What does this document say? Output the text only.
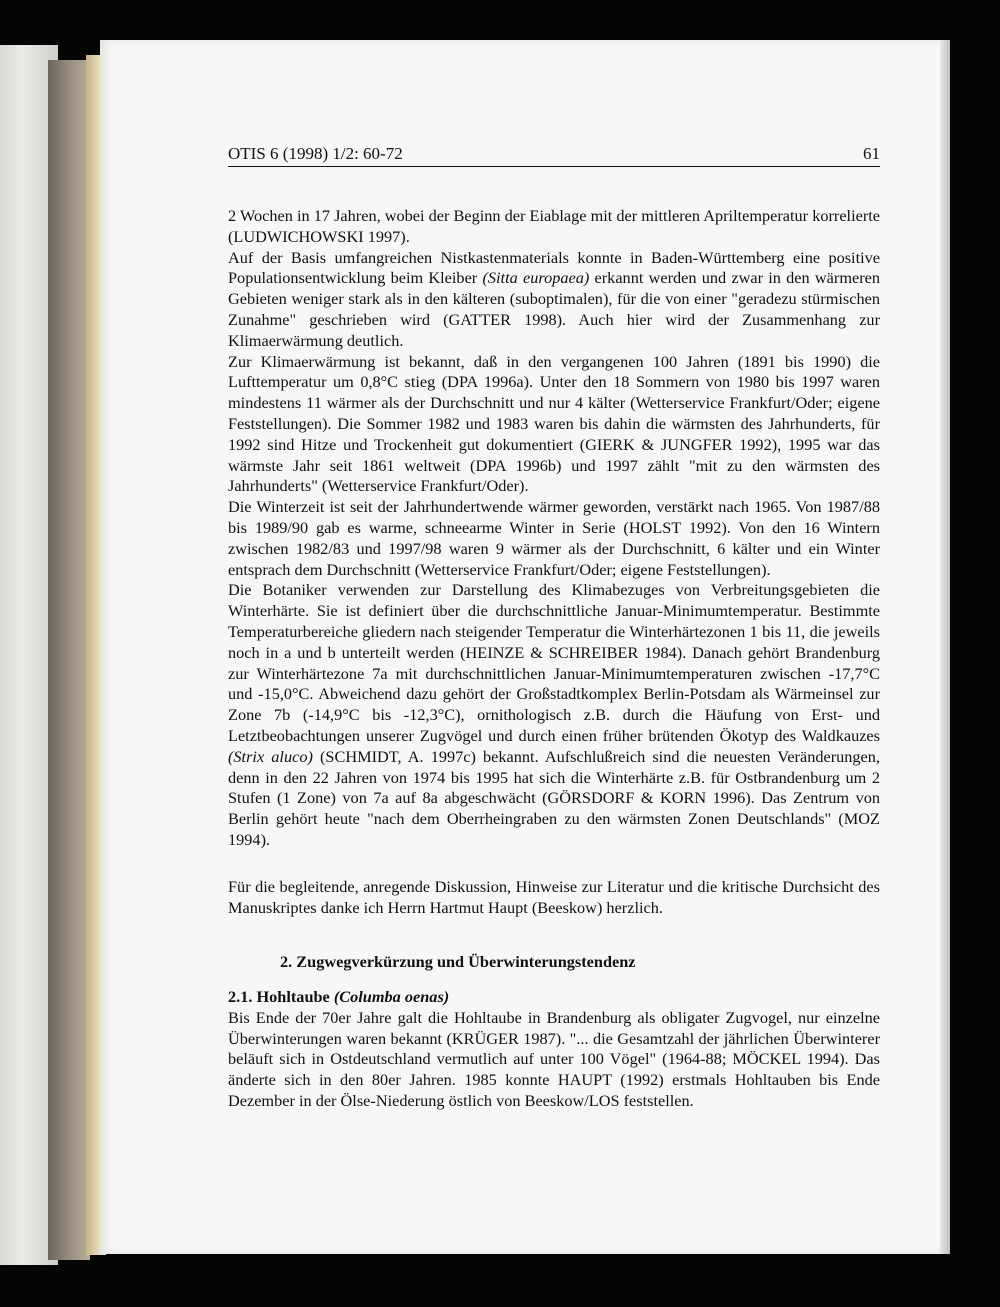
OTIS 6 (1998) 1/2: 60-72	61

2 Wochen in 17 Jahren, wobei der Beginn der Eiablage mit der mittleren Apriltemperatur korrelierte (LUDWICHOWSKI 1997).

Auf der Basis umfangreichen Nistkastenmaterials konnte in Baden-Württemberg eine positive Populationsentwicklung beim Kleiber (Sitta europaea) erkannt werden und zwar in den wärmeren Gebieten weniger stark als in den kälteren (suboptimalen), für die von einer "geradezu stürmischen Zunahme" geschrieben wird (GATTER 1998). Auch hier wird der Zusammenhang zur Klimaerwärmung deutlich.

Zur Klimaerwärmung ist bekannt, daß in den vergangenen 100 Jahren (1891 bis 1990) die Lufttemperatur um 0,8°C stieg (DPA 1996a). Unter den 18 Sommern von 1980 bis 1997 waren mindestens 11 wärmer als der Durchschnitt und nur 4 kälter (Wetterservice Frankfurt/Oder; eigene Feststellungen). Die Sommer 1982 und 1983 waren bis dahin die wärmsten des Jahrhunderts, für 1992 sind Hitze und Trockenheit gut dokumentiert (GIERK & JUNGFER 1992), 1995 war das wärmste Jahr seit 1861 weltweit (DPA 1996b) und 1997 zählt "mit zu den wärmsten des Jahrhunderts" (Wetterservice Frankfurt/Oder).

Die Winterzeit ist seit der Jahrhundertwende wärmer geworden, verstärkt nach 1965. Von 1987/88 bis 1989/90 gab es warme, schneearme Winter in Serie (HOLST 1992). Von den 16 Wintern zwischen 1982/83 und 1997/98 waren 9 wärmer als der Durchschnitt, 6 kälter und ein Winter entsprach dem Durchschnitt (Wetterservice Frankfurt/Oder; eigene Feststellungen).

Die Botaniker verwenden zur Darstellung des Klimabezuges von Verbreitungsgebieten die Winterhärte. Sie ist definiert über die durchschnittliche Januar-Minimumtemperatur. Bestimmte Temperaturbereiche gliedern nach steigender Temperatur die Winterhärtezonen 1 bis 11, die jeweils noch in a und b unterteilt werden (HEINZE & SCHREIBER 1984). Danach gehört Brandenburg zur Winterhärtezone 7a mit durchschnittlichen Januar-Minimumtemperaturen zwischen -17,7°C und -15,0°C. Abweichend dazu gehört der Großstadtkomplex Berlin-Potsdam als Wärmeinsel zur Zone 7b (-14,9°C bis -12,3°C), ornithologisch z.B. durch die Häufung von Erst- und Letztbeobachtungen unserer Zugvögel und durch einen früher brütenden Ökotyp des Waldkauzes (Strix aluco) (SCHMIDT, A. 1997c) bekannt. Aufschlußreich sind die neuesten Veränderungen, denn in den 22 Jahren von 1974 bis 1995 hat sich die Winterhärte z.B. für Ostbrandenburg um 2 Stufen (1 Zone) von 7a auf 8a abgeschwächt (GÖRSDORF & KORN 1996). Das Zentrum von Berlin gehört heute "nach dem Oberrheingraben zu den wärmsten Zonen Deutschlands" (MOZ 1994).

Für die begleitende, anregende Diskussion, Hinweise zur Literatur und die kritische Durchsicht des Manuskriptes danke ich Herrn Hartmut Haupt (Beeskow) herzlich.

2. Zugwegverkürzung und Überwinterungstendenz

2.1. Hohltaube (Columba oenas)

Bis Ende der 70er Jahre galt die Hohltaube in Brandenburg als obligater Zugvogel, nur einzelne Überwinterungen waren bekannt (KRÜGER 1987). "... die Gesamtzahl der jährlichen Überwinterer beläuft sich in Ostdeutschland vermutlich auf unter 100 Vögel" (1964-88; MÖCKEL 1994). Das änderte sich in den 80er Jahren. 1985 konnte HAUPT (1992) erstmals Hohltauben bis Ende Dezember in der Ölse-Niederung östlich von Beeskow/LOS feststellen.
